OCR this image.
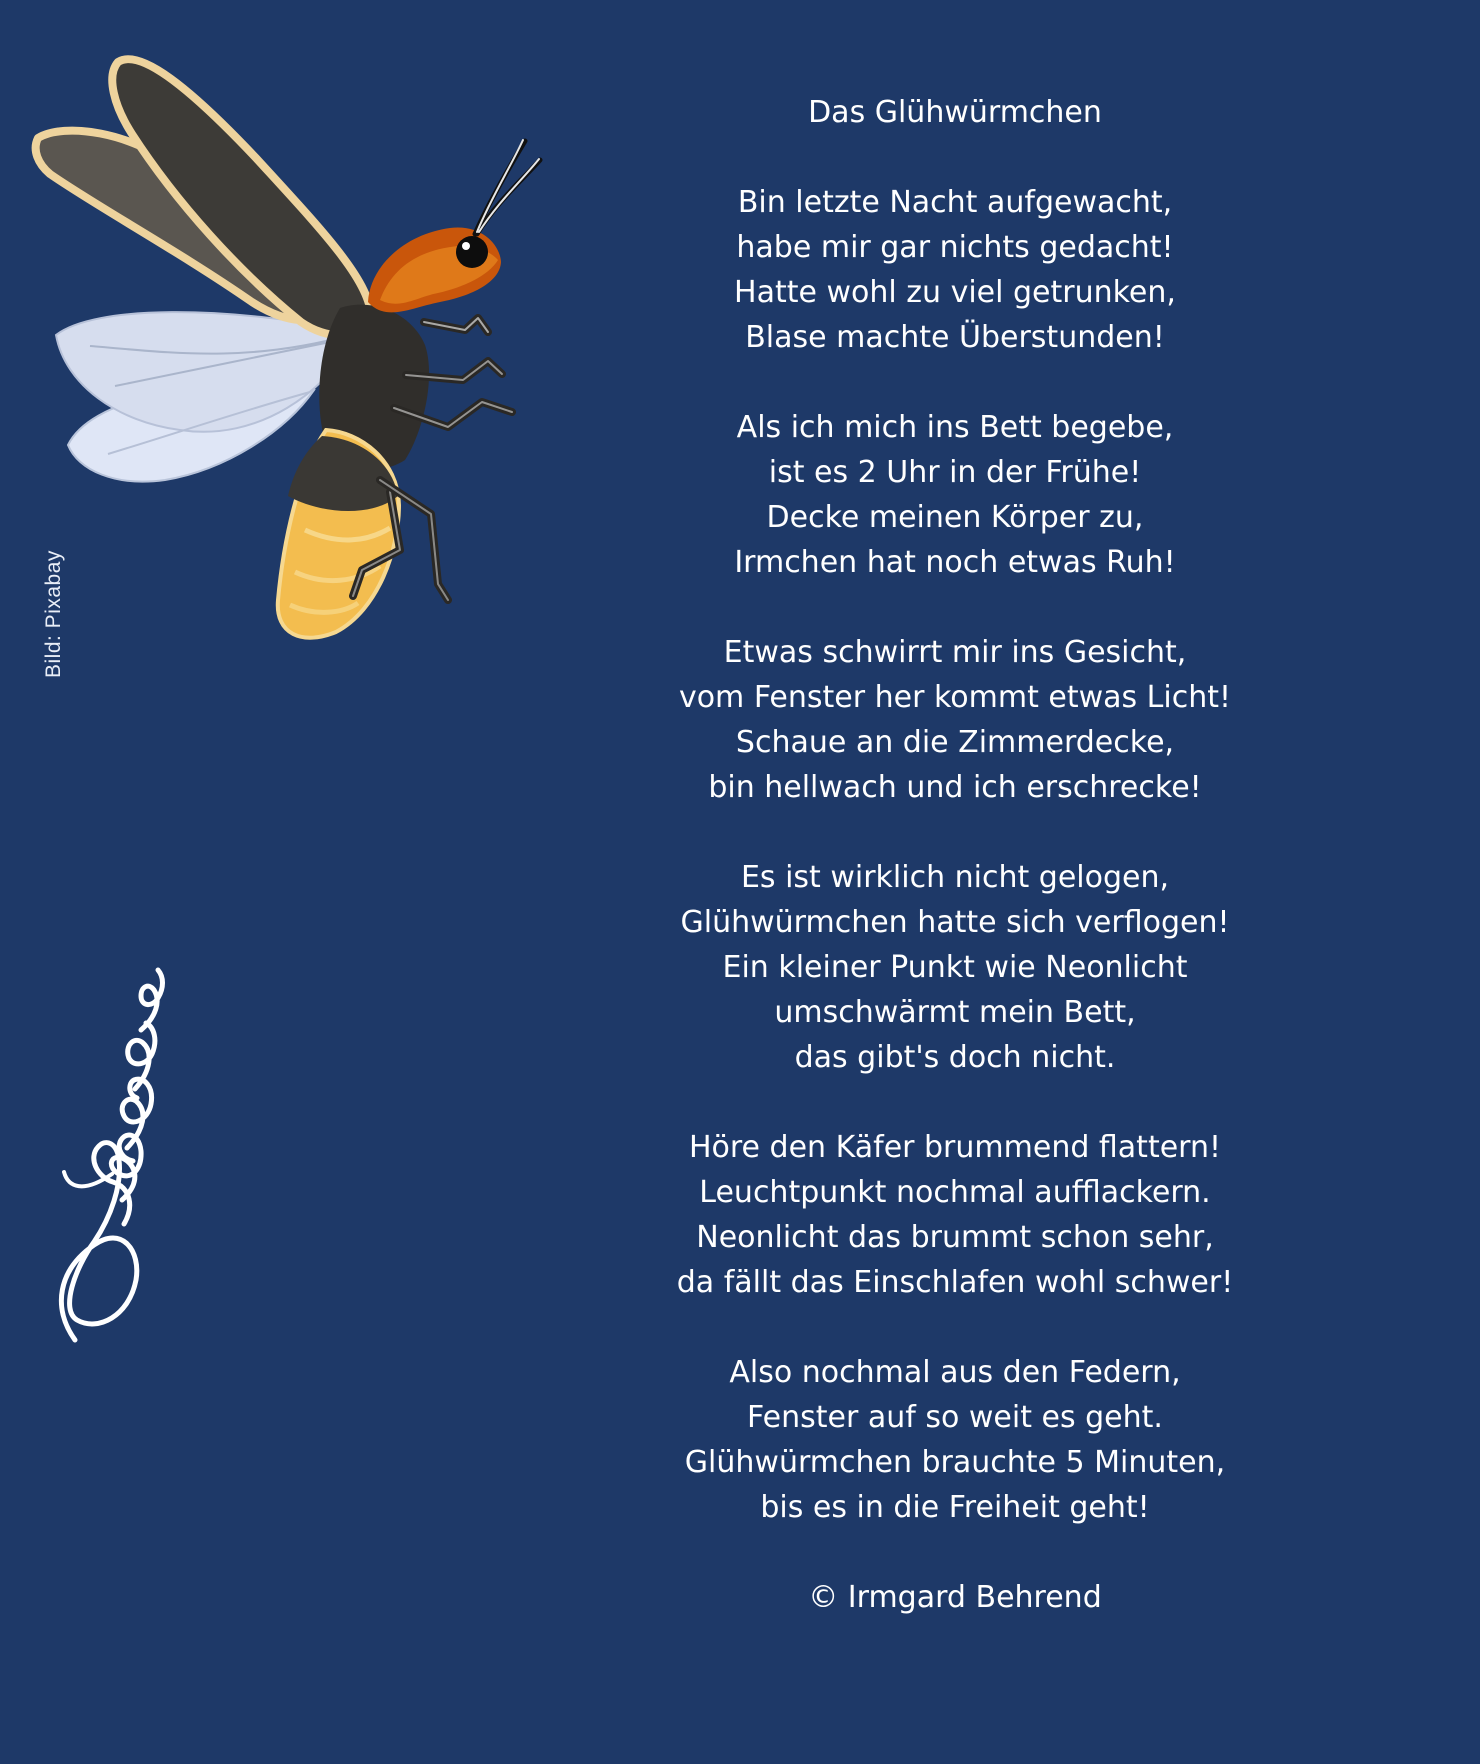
Bild: Pixabay
Das Glühwürmchen
Bin letzte Nacht aufgewacht,
habe mir gar nichts gedacht!
Hatte wohl zu viel getrunken,
Blase machte Überstunden!
Als ich mich ins Bett begebe,
ist es 2 Uhr in der Frühe!
Decke meinen Körper zu,
Irmchen hat noch etwas Ruh!
Etwas schwirrt mir ins Gesicht,
vom Fenster her kommt etwas Licht!
Schaue an die Zimmerdecke,
bin hellwach und ich erschrecke!
Es ist wirklich nicht gelogen,
Glühwürmchen hatte sich verflogen!
Ein kleiner Punkt wie Neonlicht
umschwärmt mein Bett,
das gibt's doch nicht.
Höre den Käfer brummend flattern!
Leuchtpunkt nochmal aufflackern.
Neonlicht das brummt schon sehr,
da fällt das Einschlafen wohl schwer!
Also nochmal aus den Federn,
Fenster auf so weit es geht.
Glühwürmchen brauchte 5 Minuten,
bis es in die Freiheit geht!
© Irmgard Behrend
